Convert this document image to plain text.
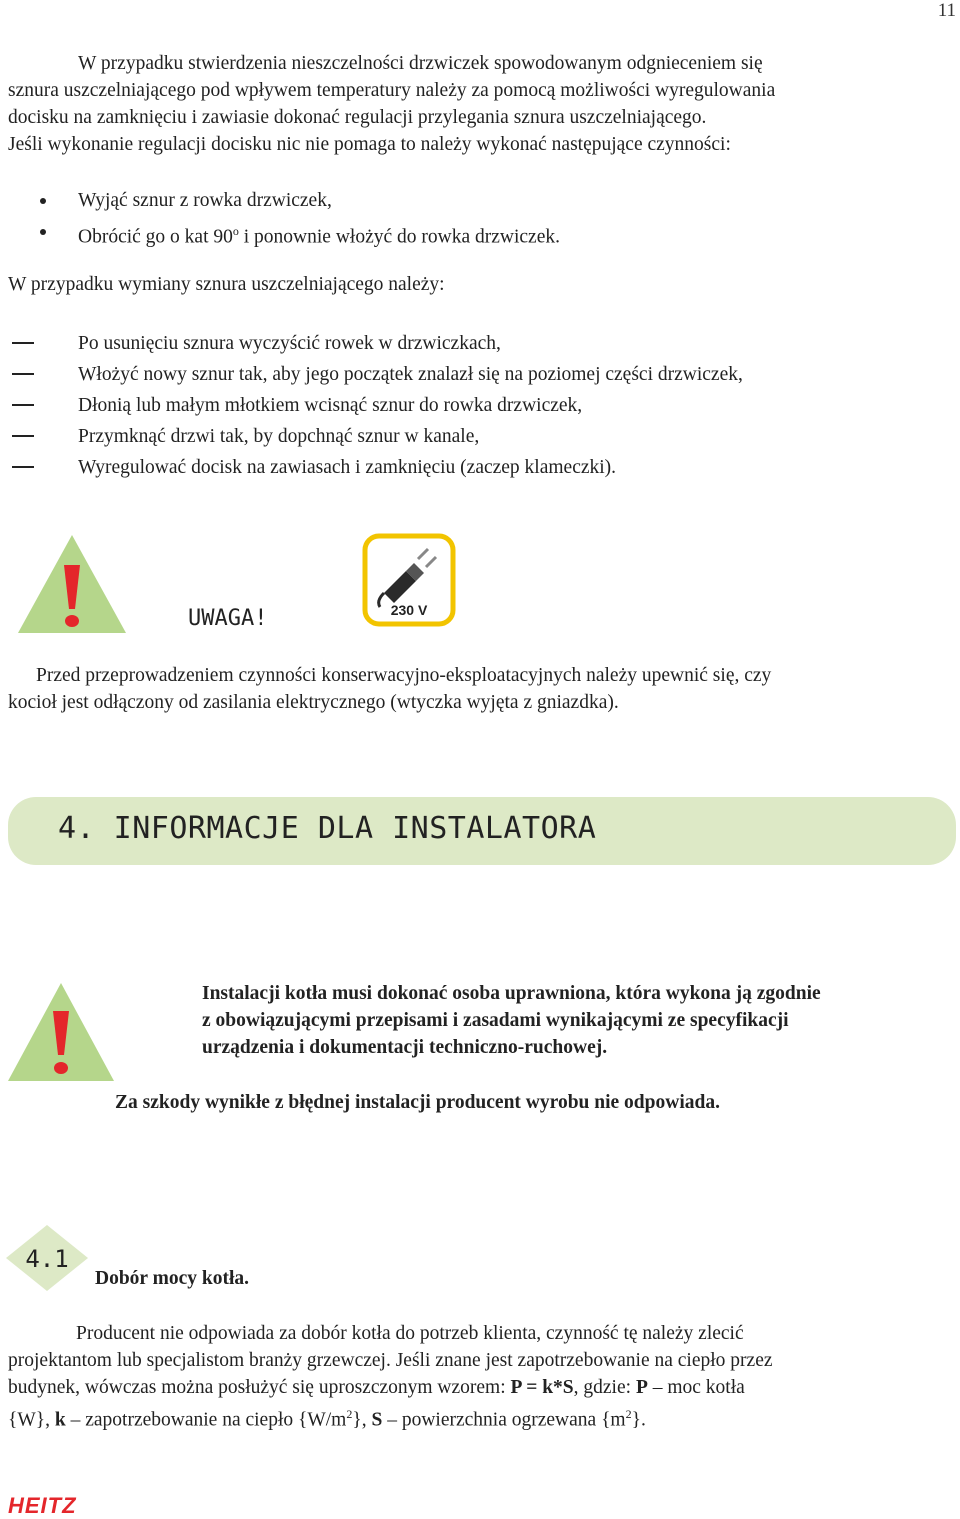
11
W przypadku stwierdzenia nieszczelności drzwiczek spowodowanym odgnieceniem się
sznura uszczelniającego pod wpływem temperatury należy za pomocą możliwości wyregulowania
docisku na zamknięciu i zawiasie dokonać regulacji przylegania sznura uszczelniającego.
Jeśli wykonanie regulacji docisku nic nie pomaga to należy wykonać następujące czynności:
Wyjąć sznur z rowka drzwiczek,
Obrócić go o kat 90$^o$ i ponownie włożyć do rowka drzwiczek.
W przypadku wymiany sznura uszczelniającego należy:
Po usunięciu sznura wyczyścić rowek w drzwiczkach,
Włożyć nowy sznur tak, aby jego początek znalazł się na poziomej części drzwiczek,
Dłonią lub małym młotkiem wcisnąć sznur do rowka drzwiczek,
Przymknąć drzwi tak, by dopchnąć sznur w kanale,
Wyregulować docisk na zawiasach i zamknięciu (zaczep klameczki).
UWAGA!	230 V
Przed przeprowadzeniem czynności konserwacyjno-eksploatacyjnych należy upewnić się, czy
kocioł jest odłączony od zasilania elektrycznego (wtyczka wyjęta z gniazdka).
4. INFORMACJE DLA INSTALATORA
Instalacji kotła musi dokonać osoba uprawniona, która wykona ją zgodnie
z obowiązującymi przepisami i zasadami wynikającymi ze specyfikacji
urządzenia i dokumentacji techniczno-ruchowej.
Za szkody wynikłe z błędnej instalacji producent wyrobu nie odpowiada.
4.1
Dobór mocy kotła.
Producent nie odpowiada za dobór kotła do potrzeb klienta, czynność tę należy zlecić
projektantom lub specjalistom branży grzewczej. Jeśli znane jest zapotrzebowanie na ciepło przez
budynek, wówczas można posłużyć się uproszczonym wzorem: P = k*S, gdzie: P – moc kotła
{W}, k – zapotrzebowanie na ciepło $\{W/m^2\}$, S – powierzchnia ogrzewana $\{m^2\}$.
HEITZ
